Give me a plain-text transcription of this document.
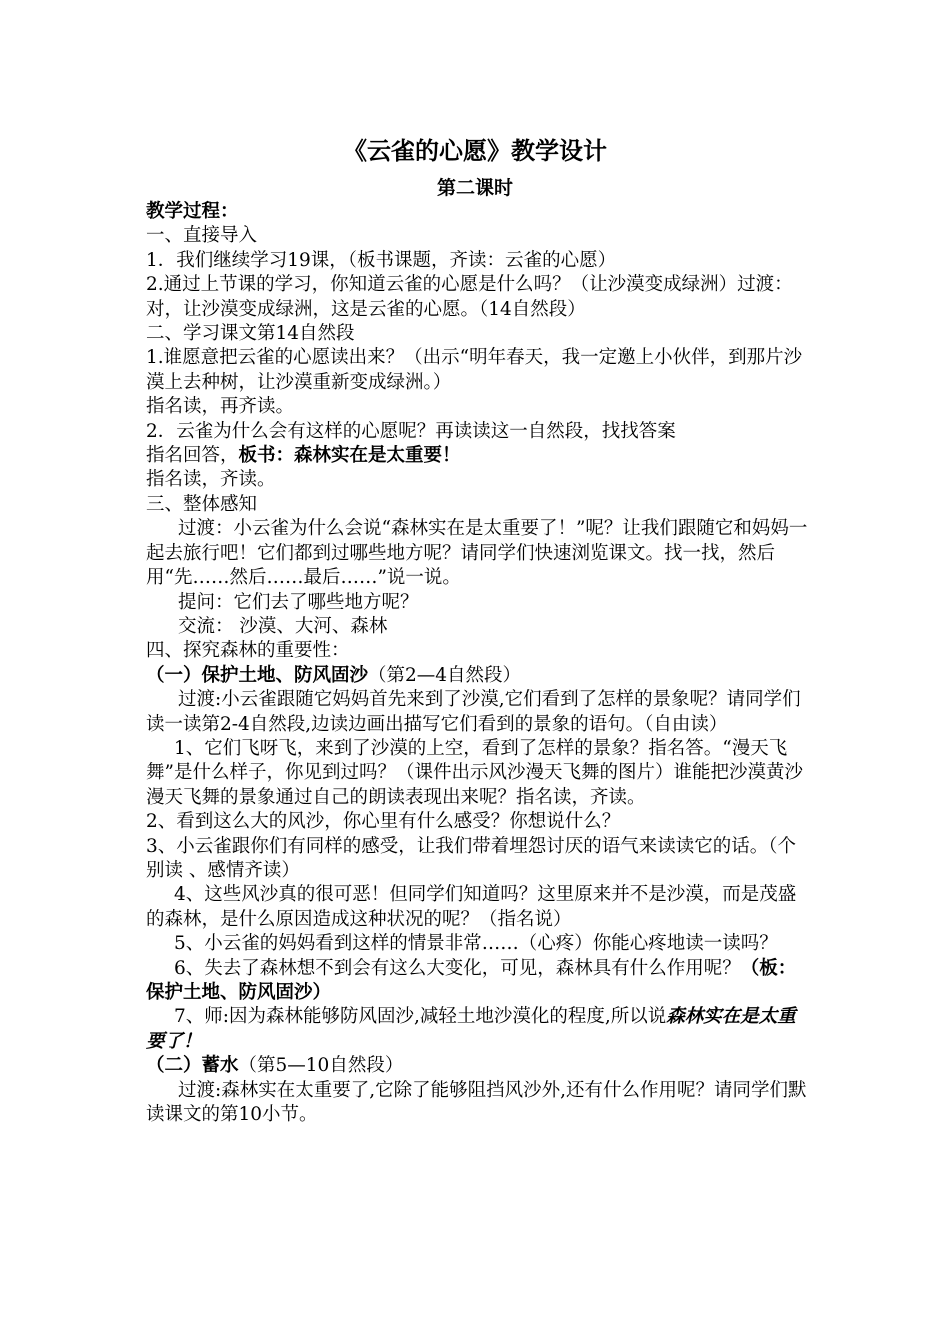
《云雀的心愿》教学设计
第二课时

教学过程：

一、直接导入

1．我们继续学习19课，（板书课题，齐读：云雀的心愿）

2.通过上节课的学习，你知道云雀的心愿是什么吗？（让沙漠变成绿洲）过渡：对，让沙漠变成绿洲，这是云雀的心愿。（14自然段）

二、学习课文第14自然段

1.谁愿意把云雀的心愿读出来？（出示“明年春天，我一定邀上小伙伴，到那片沙漠上去种树，让沙漠重新变成绿洲。）

指名读，再齐读。

2．云雀为什么会有这样的心愿呢？再读读这一自然段，找找答案

指名回答，板书：森林实在是太重要！

指名读，齐读。

三、整体感知

过渡：小云雀为什么会说“森林实在是太重要了！”呢？让我们跟随它和妈妈一起去旅行吧！它们都到过哪些地方呢？请同学们快速浏览课文。找一找，然后用“先……然后……最后……”说一说。

提问：它们去了哪些地方呢？

交流： 沙漠、大河、森林

四、探究森林的重要性：

（一）保护土地、防风固沙（第2—4自然段）

过渡:小云雀跟随它妈妈首先来到了沙漠,它们看到了怎样的景象呢？请同学们读一读第2-4自然段,边读边画出描写它们看到的景象的语句。（自由读）

1、它们飞呀飞，来到了沙漠的上空，看到了怎样的景象？指名答。“漫天飞舞”是什么样子，你见到过吗？（课件出示风沙漫天飞舞的图片）谁能把沙漠黄沙漫天飞舞的景象通过自己的朗读表现出来呢？指名读，齐读。

2、看到这么大的风沙，你心里有什么感受？你想说什么？

3、小云雀跟你们有同样的感受，让我们带着埋怨讨厌的语气来读读它的话。（个别读 、感情齐读）

4、这些风沙真的很可恶！但同学们知道吗？这里原来并不是沙漠，而是茂盛的森林，是什么原因造成这种状况的呢？（指名说）

5、小云雀的妈妈看到这样的情景非常……（心疼）你能心疼地读一读吗？

6、失去了森林想不到会有这么大变化，可见，森林具有什么作用呢？（板：保护土地、防风固沙）

7、师:因为森林能够防风固沙,减轻土地沙漠化的程度,所以说森林实在是太重要了！

（二）蓄水（第5—10自然段）

过渡:森林实在太重要了,它除了能够阻挡风沙外,还有什么作用呢？请同学们默读课文的第10小节。
